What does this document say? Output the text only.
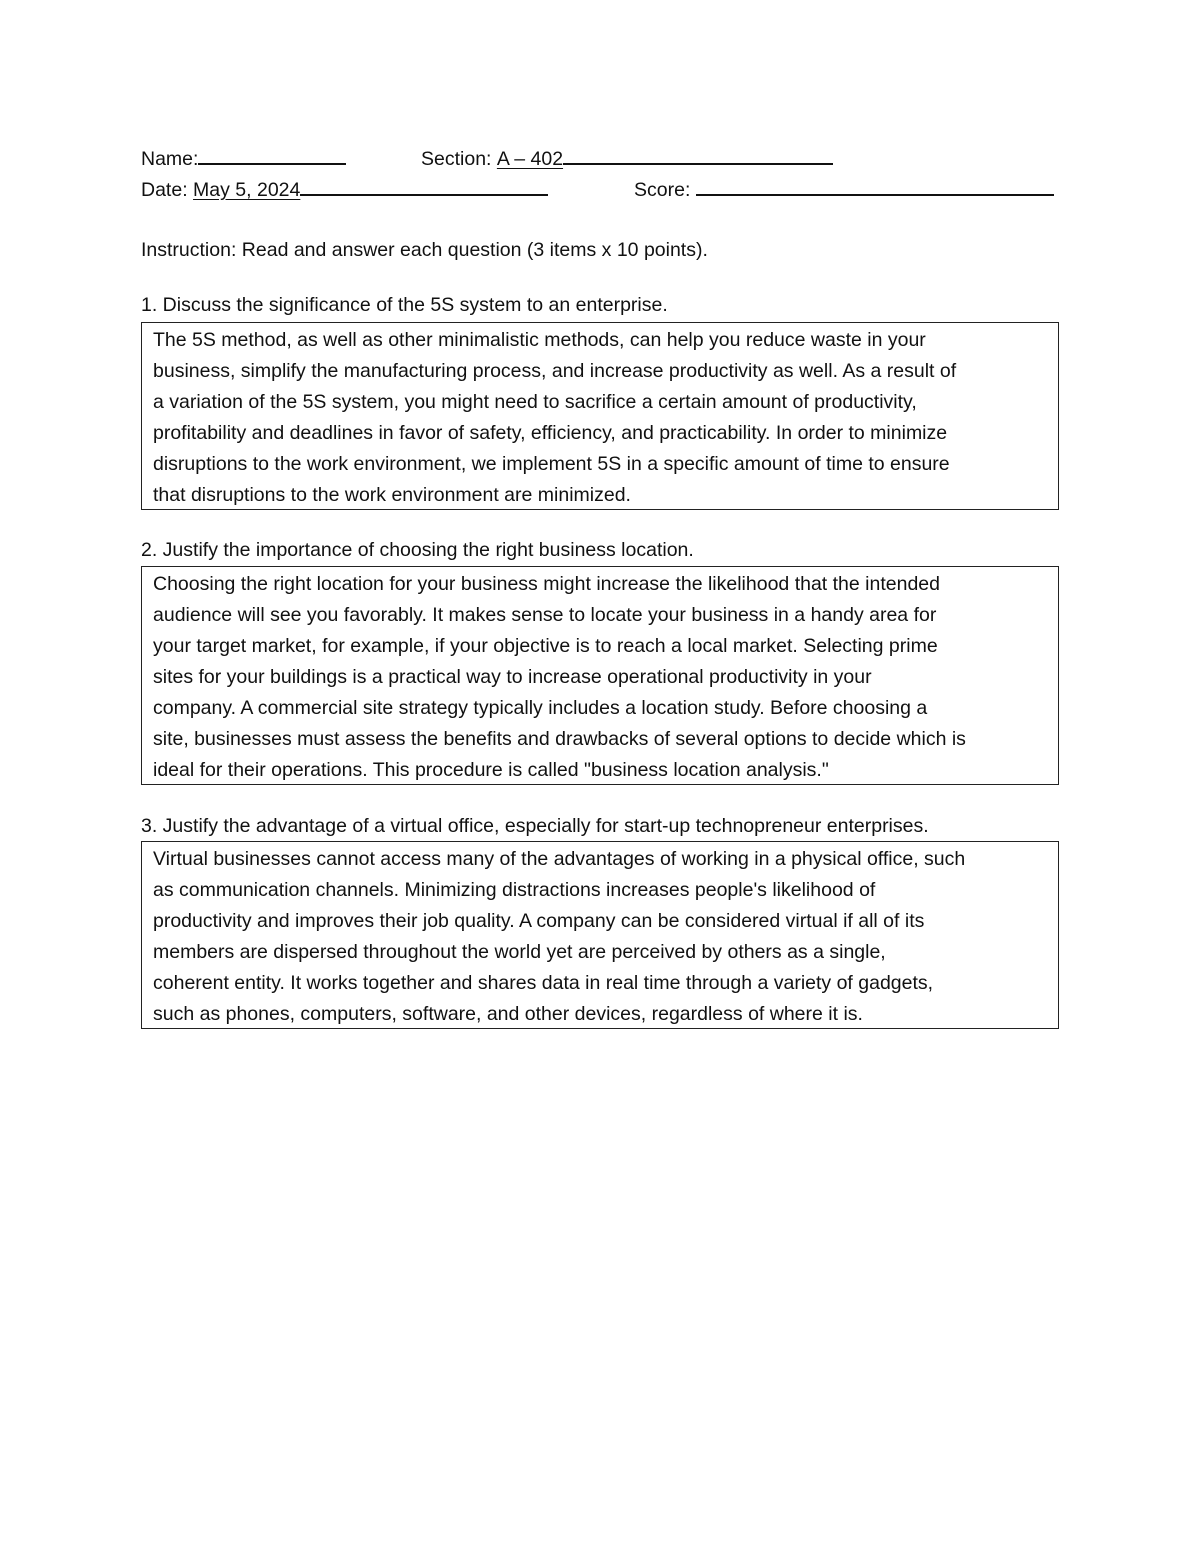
Name:	Section: A – 402
Date: May 5, 2024	Score:
Instruction: Read and answer each question (3 items x 10 points).
1. Discuss the significance of the 5S system to an enterprise.
The 5S method, as well as other minimalistic methods, can help you reduce waste in your
business, simplify the manufacturing process, and increase productivity as well. As a result of
a variation of the 5S system, you might need to sacrifice a certain amount of productivity,
profitability and deadlines in favor of safety, efficiency, and practicability. In order to minimize
disruptions to the work environment, we implement 5S in a specific amount of time to ensure
that disruptions to the work environment are minimized.
2. Justify the importance of choosing the right business location.
Choosing the right location for your business might increase the likelihood that the intended
audience will see you favorably. It makes sense to locate your business in a handy area for
your target market, for example, if your objective is to reach a local market. Selecting prime
sites for your buildings is a practical way to increase operational productivity in your
company. A commercial site strategy typically includes a location study. Before choosing a
site, businesses must assess the benefits and drawbacks of several options to decide which is
ideal for their operations. This procedure is called "business location analysis."
3. Justify the advantage of a virtual office, especially for start-up technopreneur enterprises.
Virtual businesses cannot access many of the advantages of working in a physical office, such
as communication channels. Minimizing distractions increases people's likelihood of
productivity and improves their job quality. A company can be considered virtual if all of its
members are dispersed throughout the world yet are perceived by others as a single,
coherent entity. It works together and shares data in real time through a variety of gadgets,
such as phones, computers, software, and other devices, regardless of where it is.
